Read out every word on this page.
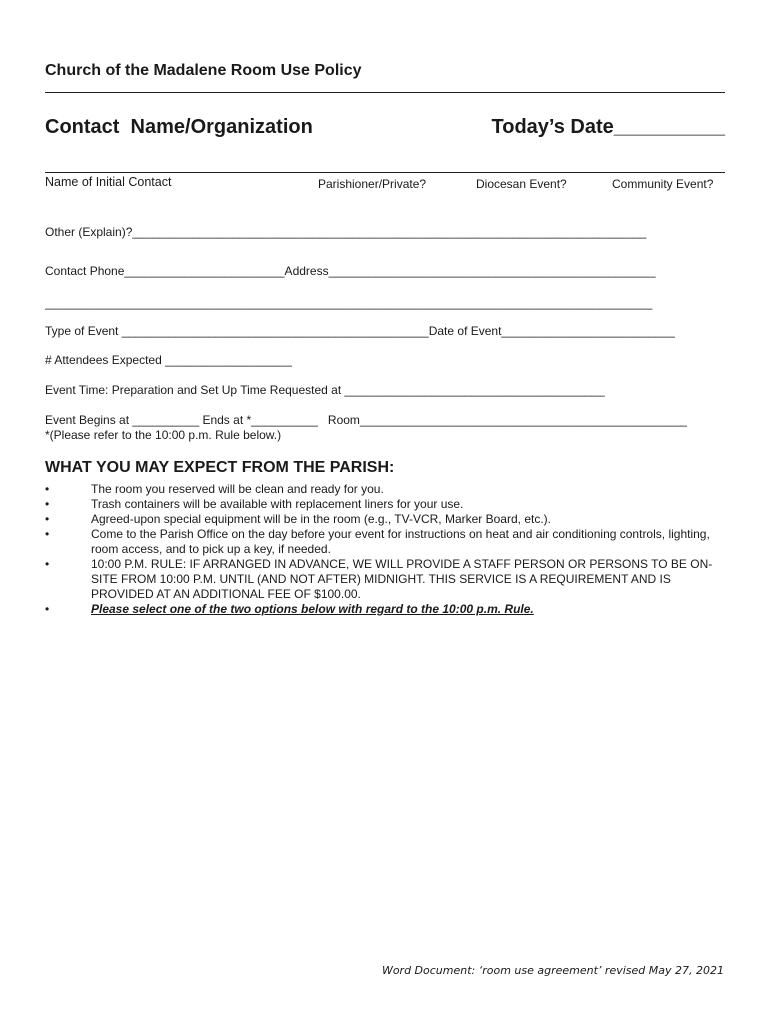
Church of the Madalene Room Use Policy
Contact  Name/Organization	Today’s Date__________
Name of Initial Contact	Parishioner/Private?	Diocesan Event?	Community Event?
Other (Explain)?_____________________________________________________________________________
Contact Phone________________________Address_________________________________________________
___________________________________________________________________________________________
Type of Event ______________________________________________Date of Event__________________________
# Attendees Expected ___________________
Event Time: Preparation and Set Up Time Requested at _______________________________________
Event Begins at __________ Ends at *__________   Room_________________________________________________
*(Please refer to the 10:00 p.m. Rule below.)
WHAT YOU MAY EXPECT FROM THE PARISH:
•	The room you reserved will be clean and ready for you.
•	Trash containers will be available with replacement liners for your use.
•	Agreed-upon special equipment will be in the room (e.g., TV-VCR, Marker Board, etc.).
•	Come to the Parish Office on the day before your event for instructions on heat and air conditioning controls, lighting, room access, and to pick up a key, if needed.
•	10:00 P.M. RULE: IF ARRANGED IN ADVANCE, WE WILL PROVIDE A STAFF PERSON OR PERSONS TO BE ON-SITE FROM 10:00 P.M. UNTIL (AND NOT AFTER) MIDNIGHT. THIS SERVICE IS A REQUIREMENT AND IS PROVIDED AT AN ADDITIONAL FEE OF $100.00.
•	Please select one of the two options below with regard to the 10:00 p.m. Rule.
Word Document: ‘room use agreement’ revised May 27, 2021
